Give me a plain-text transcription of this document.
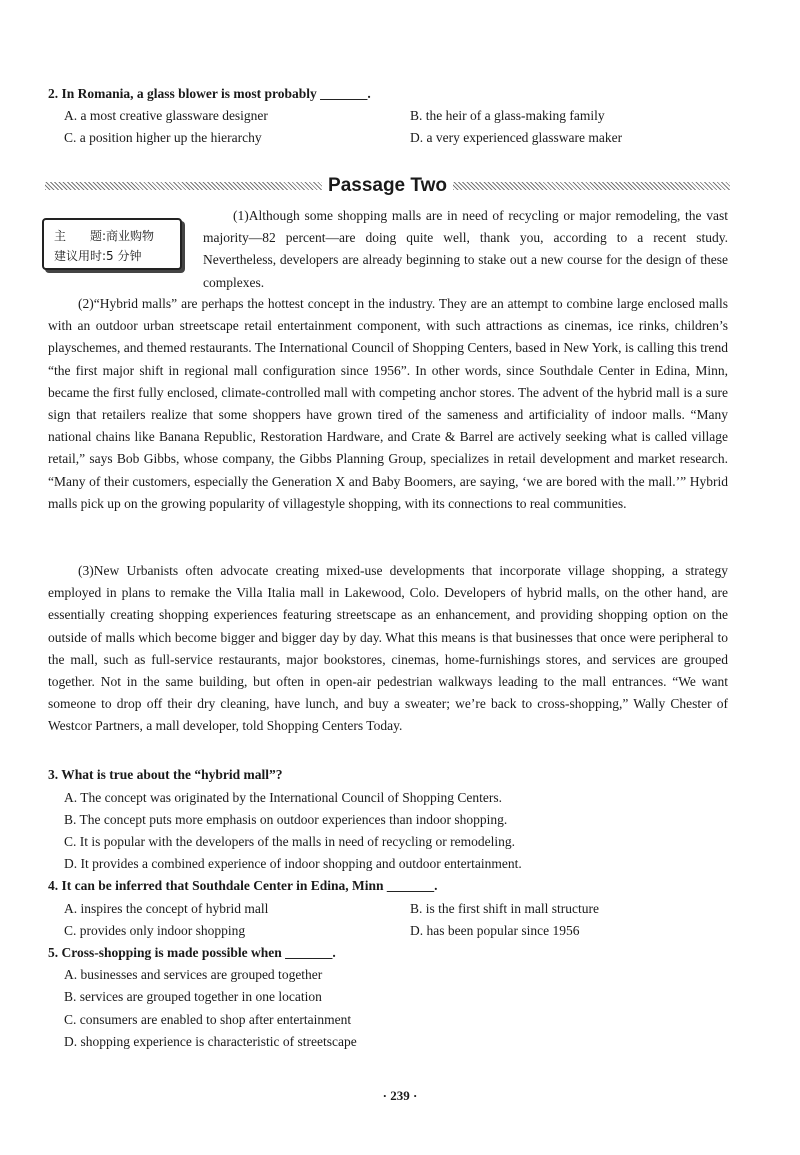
2. In Romania, a glass blower is most probably _______.
A. a most creative glassware designer	B. the heir of a glass-making family
C. a position higher up the hierarchy	D. a very experienced glassware maker
Passage Two
主　　题:商业购物
建议用时:5 分钟
(1)Although some shopping malls are in need of recycling or major remodeling, the vast majority—82 percent—are doing quite well, thank you, according to a recent study. Nevertheless, developers are already beginning to stake out a new course for the design of these complexes.
(2)“Hybrid malls” are perhaps the hottest concept in the industry. They are an attempt to combine large enclosed malls with an outdoor urban streetscape retail entertainment component, with such attractions as cinemas, ice rinks, children’s playschemes, and themed restaurants. The International Council of Shopping Centers, based in New York, is calling this trend “the first major shift in regional mall configuration since 1956”. In other words, since Southdale Center in Edina, Minn, became the first fully enclosed, climate-controlled mall with competing anchor stores. The advent of the hybrid mall is a sure sign that retailers realize that some shoppers have grown tired of the sameness and artificiality of indoor malls. “Many national chains like Banana Republic, Restoration Hardware, and Crate & Barrel are actively seeking what is called village retail,” says Bob Gibbs, whose company, the Gibbs Planning Group, specializes in retail development and market research. “Many of their customers, especially the Generation X and Baby Boomers, are saying, ‘we are bored with the mall.’” Hybrid malls pick up on the growing popularity of villagestyle shopping, with its connections to real communities.
(3)New Urbanists often advocate creating mixed-use developments that incorporate village shopping, a strategy employed in plans to remake the Villa Italia mall in Lakewood, Colo. Developers of hybrid malls, on the other hand, are essentially creating shopping experiences featuring streetscape as an enhancement, and providing shopping option on the outside of malls which become bigger and bigger day by day. What this means is that businesses that once were peripheral to the mall, such as full-service restaurants, major bookstores, cinemas, home-furnishings stores, and services are grouped together. Not in the same building, but often in open-air pedestrian walkways leading to the mall entrances. “We want someone to drop off their dry cleaning, have lunch, and buy a sweater; we’re back to cross-shopping,” Wally Chester of Westcor Partners, a mall developer, told Shopping Centers Today.
3. What is true about the “hybrid mall”?
A. The concept was originated by the International Council of Shopping Centers.
B. The concept puts more emphasis on outdoor experiences than indoor shopping.
C. It is popular with the developers of the malls in need of recycling or remodeling.
D. It provides a combined experience of indoor shopping and outdoor entertainment.
4. It can be inferred that Southdale Center in Edina, Minn _______.
A. inspires the concept of hybrid mall	B. is the first shift in mall structure
C. provides only indoor shopping	D. has been popular since 1956
5. Cross-shopping is made possible when _______.
A. businesses and services are grouped together
B. services are grouped together in one location
C. consumers are enabled to shop after entertainment
D. shopping experience is characteristic of streetscape
· 239 ·
